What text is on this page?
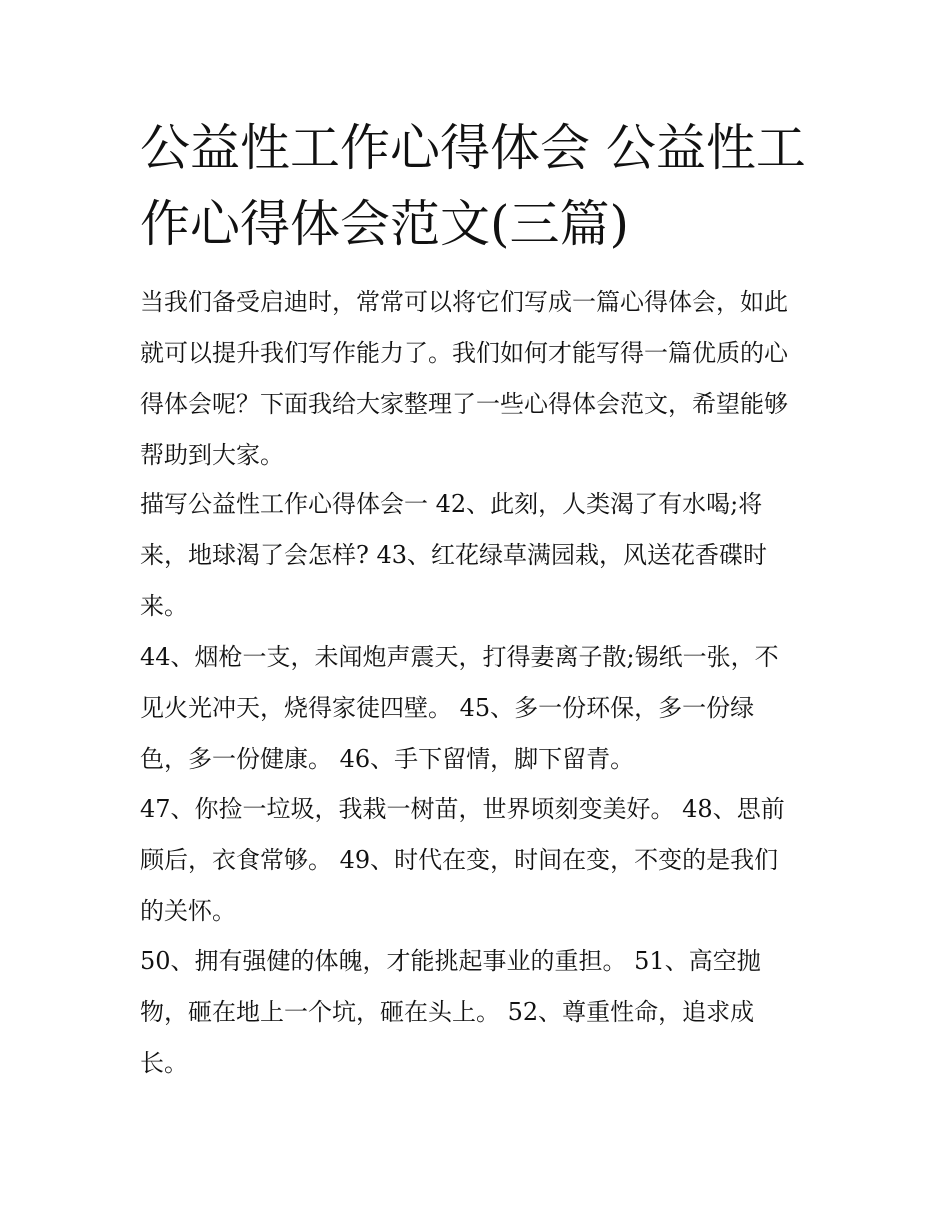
公益性工作心得体会 公益性工
作心得体会范文(三篇)

当我们备受启迪时，常常可以将它们写成一篇心得体会，如此
就可以提升我们写作能力了。我们如何才能写得一篇优质的心
得体会呢？下面我给大家整理了一些心得体会范文，希望能够
帮助到大家。

描写公益性工作心得体会一 42、此刻，人类渴了有水喝;将
来，地球渴了会怎样? 43、红花绿草满园栽，风送花香碟时
来。

44、烟枪一支，未闻炮声震天，打得妻离子散;锡纸一张，不
见火光冲天，烧得家徒四壁。 45、多一份环保，多一份绿
色，多一份健康。 46、手下留情，脚下留青。

47、你捡一垃圾，我栽一树苗，世界顷刻变美好。 48、思前
顾后，衣食常够。 49、时代在变，时间在变，不变的是我们
的关怀。

50、拥有强健的体魄，才能挑起事业的重担。 51、高空抛
物，砸在地上一个坑，砸在头上。 52、尊重性命，追求成
长。
